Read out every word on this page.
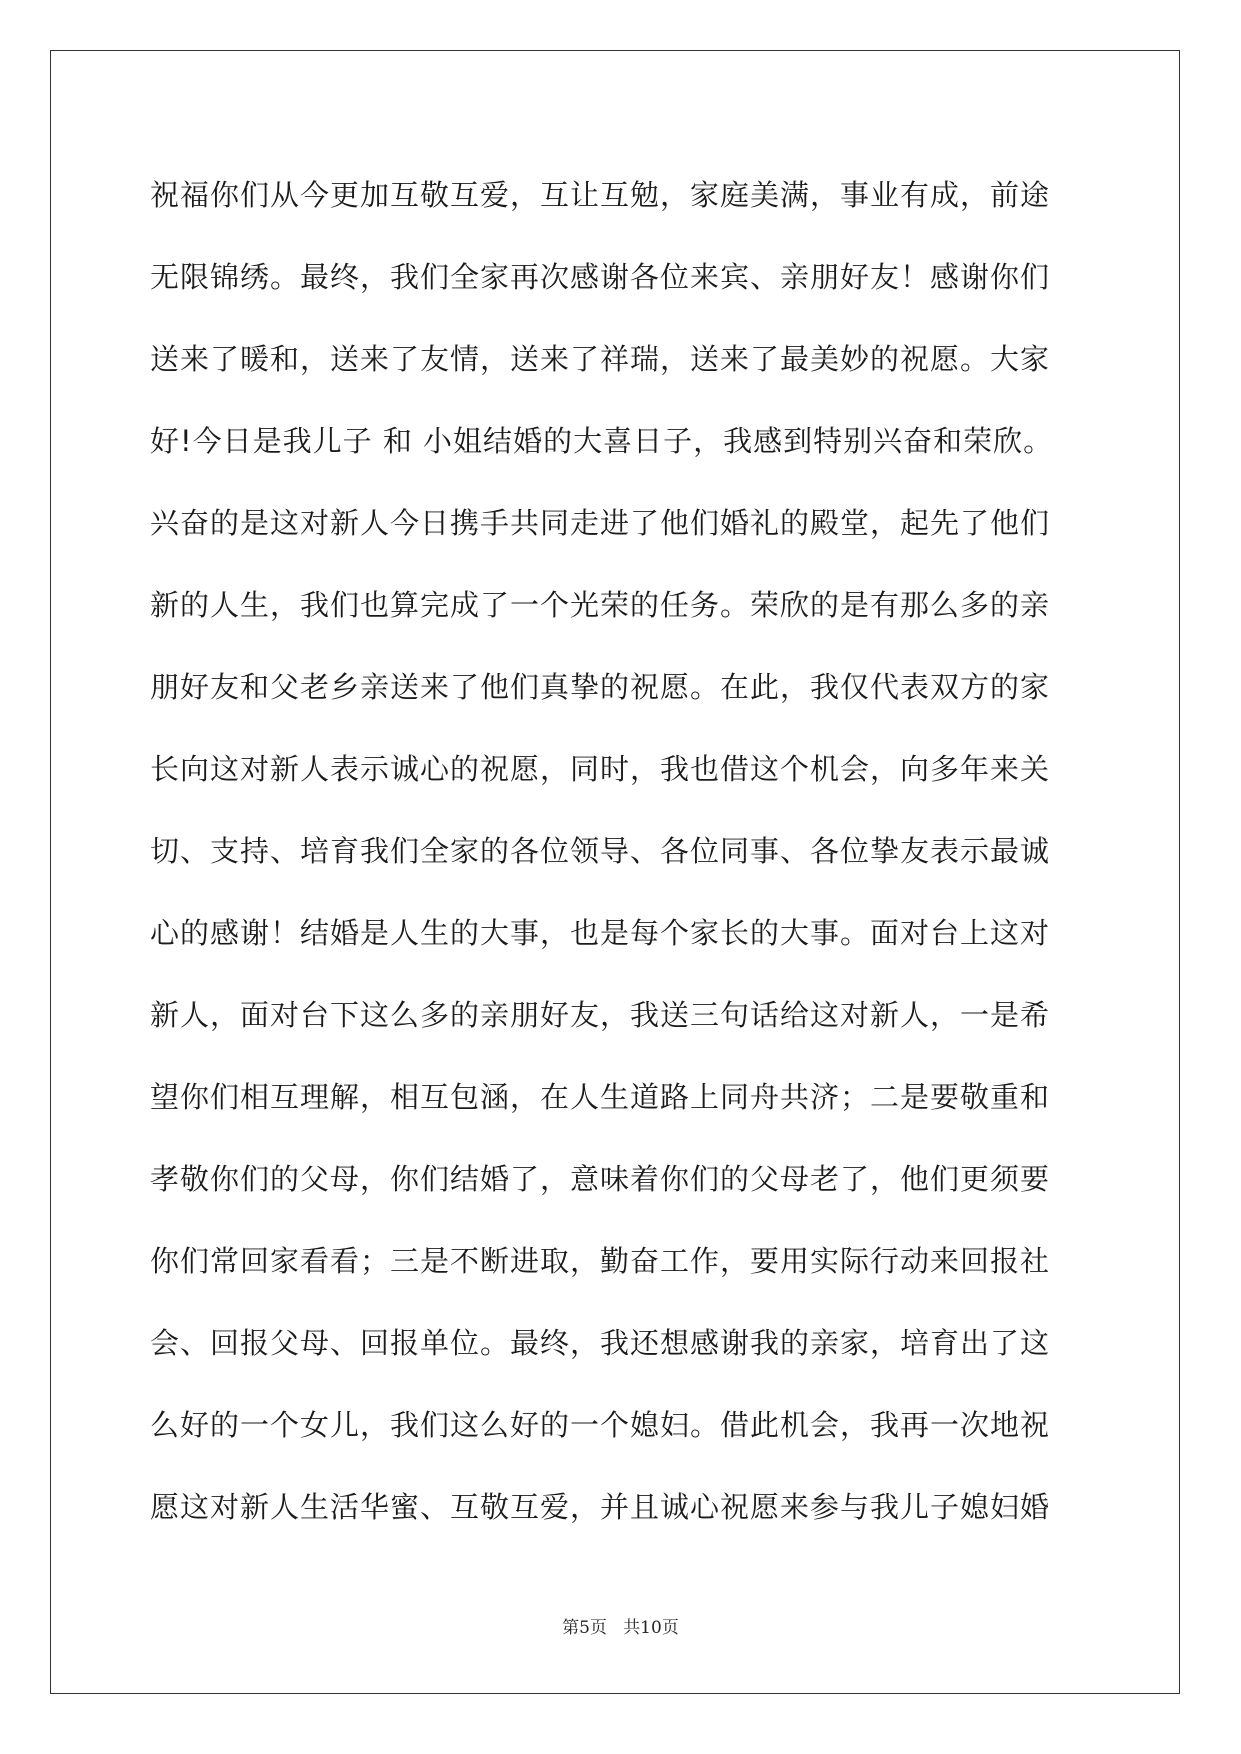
祝福你们从今更加互敬互爱，互让互勉，家庭美满，事业有成，前途
无限锦绣。最终，我们全家再次感谢各位来宾、亲朋好友！感谢你们
送来了暖和，送来了友情，送来了祥瑞，送来了最美妙的祝愿。大家
好!今日是我儿子 和 小姐结婚的大喜日子，我感到特别兴奋和荣欣。
兴奋的是这对新人今日携手共同走进了他们婚礼的殿堂，起先了他们
新的人生，我们也算完成了一个光荣的任务。荣欣的是有那么多的亲
朋好友和父老乡亲送来了他们真挚的祝愿。在此，我仅代表双方的家
长向这对新人表示诚心的祝愿，同时，我也借这个机会，向多年来关
切、支持、培育我们全家的各位领导、各位同事、各位挚友表示最诚
心的感谢！结婚是人生的大事，也是每个家长的大事。面对台上这对
新人，面对台下这么多的亲朋好友，我送三句话给这对新人，一是希
望你们相互理解，相互包涵，在人生道路上同舟共济；二是要敬重和
孝敬你们的父母，你们结婚了，意味着你们的父母老了，他们更须要
你们常回家看看；三是不断进取，勤奋工作，要用实际行动来回报社
会、回报父母、回报单位。最终，我还想感谢我的亲家，培育出了这
么好的一个女儿，我们这么好的一个媳妇。借此机会，我再一次地祝
愿这对新人生活华蜜、互敬互爱，并且诚心祝愿来参与我儿子媳妇婚
第5页   共10页
